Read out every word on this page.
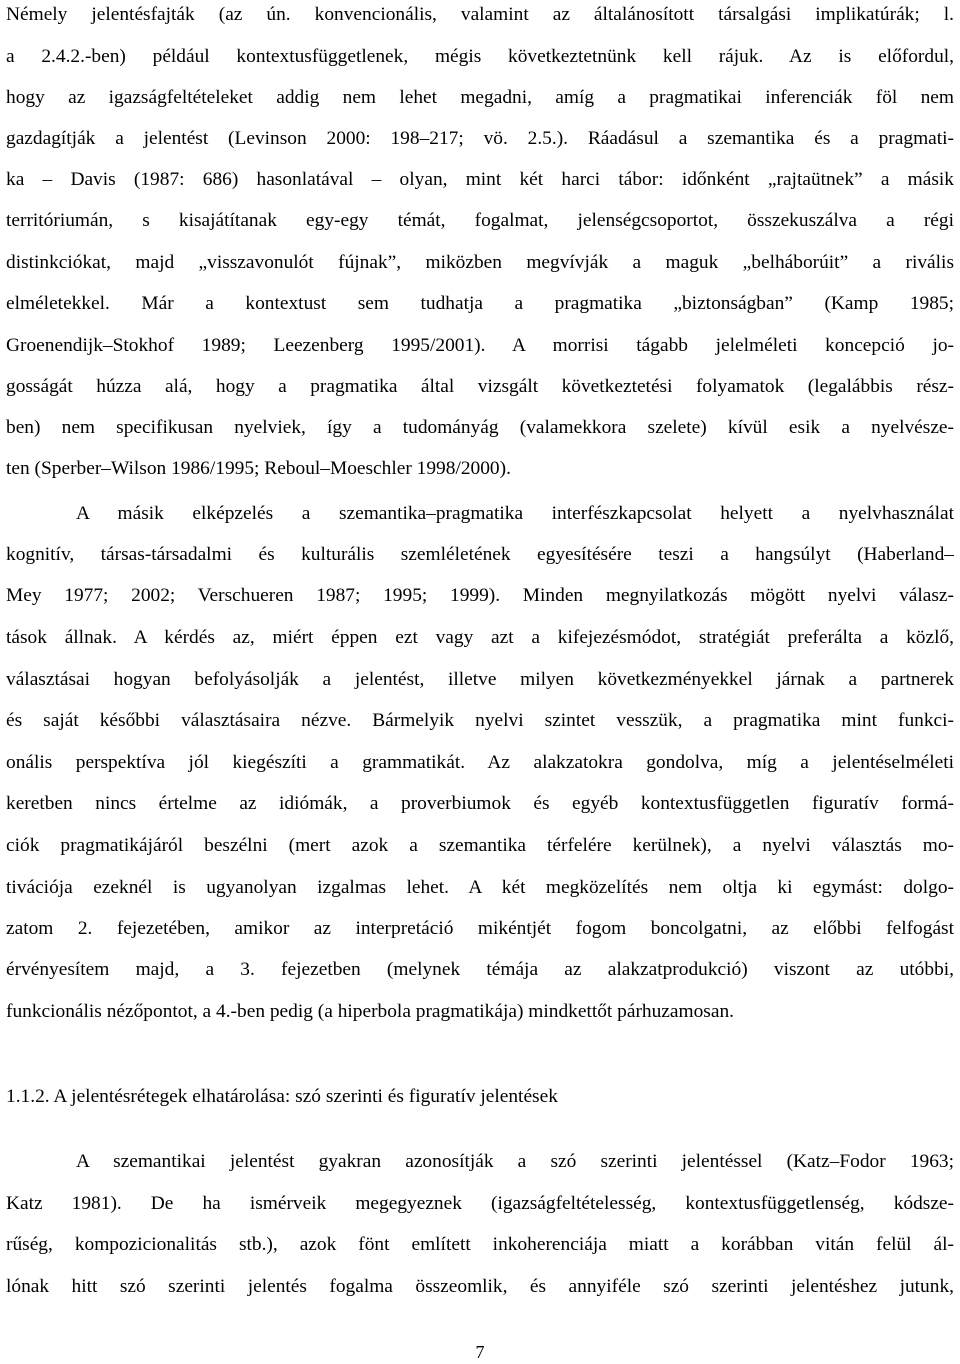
Némely jelentésfajták (az ún. konvencionális, valamint az általánosított társalgási implikatúrák; l.
a 2.4.2.-ben) például kontextusfüggetlenek, mégis következtetnünk kell rájuk. Az is előfordul,
hogy az igazságfeltételeket addig nem lehet megadni, amíg a pragmatikai inferenciák föl nem
gazdagítják a jelentést (Levinson 2000: 198–217; vö. 2.5.). Ráadásul a szemantika és a pragmati-
ka – Davis (1987: 686) hasonlatával – olyan, mint két harci tábor: időnként „rajtaütnek” a másik
territóriumán, s kisajátítanak egy-egy témát, fogalmat, jelenségcsoportot, összekuszálva a régi
distinkciókat, majd „visszavonulót fújnak”, miközben megvívják a maguk „belháborúit” a rivális
elméletekkel. Már a kontextust sem tudhatja a pragmatika „biztonságban” (Kamp 1985;
Groenendijk–Stokhof 1989; Leezenberg 1995/2001). A morrisi tágabb jelelméleti koncepció jo-
gosságát húzza alá, hogy a pragmatika által vizsgált következtetési folyamatok (legalábbis rész-
ben) nem specifikusan nyelviek, így a tudományág (valamekkora szelete) kívül esik a nyelvésze-
ten (Sperber–Wilson 1986/1995; Reboul–Moeschler 1998/2000).
A másik elképzelés a szemantika–pragmatika interfészkapcsolat helyett a nyelvhasználat
kognitív, társas-társadalmi és kulturális szemléletének egyesítésére teszi a hangsúlyt (Haberland–
Mey 1977; 2002; Verschueren 1987; 1995; 1999). Minden megnyilatkozás mögött nyelvi válasz-
tások állnak. A kérdés az, miért éppen ezt vagy azt a kifejezésmódot, stratégiát preferálta a közlő,
választásai hogyan befolyásolják a jelentést, illetve milyen következményekkel járnak a partnerek
és saját későbbi választásaira nézve. Bármelyik nyelvi szintet vesszük, a pragmatika mint funkci-
onális perspektíva jól kiegészíti a grammatikát. Az alakzatokra gondolva, míg a jelentéselméleti
keretben nincs értelme az idiómák, a proverbiumok és egyéb kontextusfüggetlen figuratív formá-
ciók pragmatikájáról beszélni (mert azok a szemantika térfelére kerülnek), a nyelvi választás mo-
tivációja ezeknél is ugyanolyan izgalmas lehet. A két megközelítés nem oltja ki egymást: dolgo-
zatom 2. fejezetében, amikor az interpretáció mikéntjét fogom boncolgatni, az előbbi felfogást
érvényesítem majd, a 3. fejezetben (melynek témája az alakzatprodukció) viszont az utóbbi,
funkcionális nézőpontot, a 4.-ben pedig (a hiperbola pragmatikája) mindkettőt párhuzamosan.
1.1.2. A jelentésrétegek elhatárolása: szó szerinti és figuratív jelentések
A szemantikai jelentést gyakran azonosítják a szó szerinti jelentéssel (Katz–Fodor 1963;
Katz 1981). De ha ismérveik megegyeznek (igazságfeltételesség, kontextusfüggetlenség, kódsze-
rűség, kompozicionalitás stb.), azok fönt említett inkoherenciája miatt a korábban vitán felül ál-
lónak hitt szó szerinti jelentés fogalma összeomlik, és annyiféle szó szerinti jelentéshez jutunk,
7
